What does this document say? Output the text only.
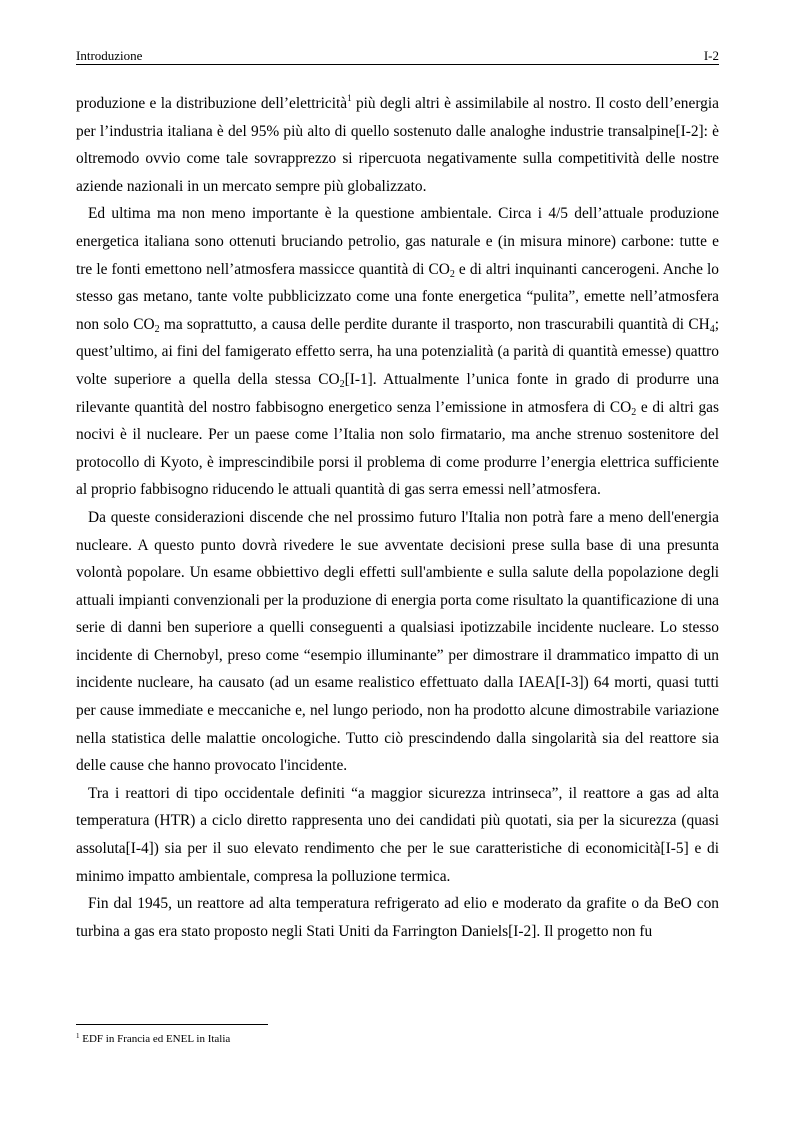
Introduzione	I-2

produzione e la distribuzione dell’elettricità$^1$ più degli altri è assimilabile al nostro. Il costo dell’energia per l’industria italiana è del 95% più alto di quello sostenuto dalle analoghe industrie transalpine[I-2]: è oltremodo ovvio come tale sovrapprezzo si ripercuota negativamente sulla competitività delle nostre aziende nazionali in un mercato sempre più globalizzato.

Ed ultima ma non meno importante è la questione ambientale. Circa i 4/5 dell’attuale produzione energetica italiana sono ottenuti bruciando petrolio, gas naturale e (in misura minore) carbone: tutte e tre le fonti emettono nell’atmosfera massicce quantità di $CO_2$ e di altri inquinanti cancerogeni. Anche lo stesso gas metano, tante volte pubblicizzato come una fonte energetica “pulita”, emette nell’atmosfera non solo $CO_2$ ma soprattutto, a causa delle perdite durante il trasporto, non trascurabili quantità di $CH_4$; quest’ultimo, ai fini del famigerato effetto serra, ha una potenzialità (a parità di quantità emesse) quattro volte superiore a quella della stessa $CO_2[I-1]$. Attualmente l’unica fonte in grado di produrre una rilevante quantità del nostro fabbisogno energetico senza l’emissione in atmosfera di $CO_2$ e di altri gas nocivi è il nucleare. Per un paese come l’Italia non solo firmatario, ma anche strenuo sostenitore del protocollo di Kyoto, è imprescindibile porsi il problema di come produrre l’energia elettrica sufficiente al proprio fabbisogno riducendo le attuali quantità di gas serra emessi nell’atmosfera.

Da queste considerazioni discende che nel prossimo futuro l'Italia non potrà fare a meno dell'energia nucleare. A questo punto dovrà rivedere le sue avventate decisioni prese sulla base di una presunta volontà popolare. Un esame obbiettivo degli effetti sull'ambiente e sulla salute della popolazione degli attuali impianti convenzionali per la produzione di energia porta come risultato la quantificazione di una serie di danni ben superiore a quelli conseguenti a qualsiasi ipotizzabile incidente nucleare. Lo stesso incidente di Chernobyl, preso come “esempio illuminante” per dimostrare il drammatico impatto di un incidente nucleare, ha causato (ad un esame realistico effettuato dalla IAEA[I-3]) 64 morti, quasi tutti per cause immediate e meccaniche e, nel lungo periodo, non ha prodotto alcune dimostrabile variazione nella statistica delle malattie oncologiche. Tutto ciò prescindendo dalla singolarità sia del reattore sia delle cause che hanno provocato l'incidente.

Tra i reattori di tipo occidentale definiti “a maggior sicurezza intrinseca”, il reattore a gas ad alta temperatura (HTR) a ciclo diretto rappresenta uno dei candidati più quotati, sia per la sicurezza (quasi assoluta[I-4]) sia per il suo elevato rendimento che per le sue caratteristiche di economicità[I-5] e di minimo impatto ambientale, compresa la polluzione termica.

Fin dal 1945, un reattore ad alta temperatura refrigerato ad elio e moderato da grafite o da BeO con turbina a gas era stato proposto negli Stati Uniti da Farrington Daniels[I-2]. Il progetto non fu

$^1$ EDF in Francia ed ENEL in Italia
